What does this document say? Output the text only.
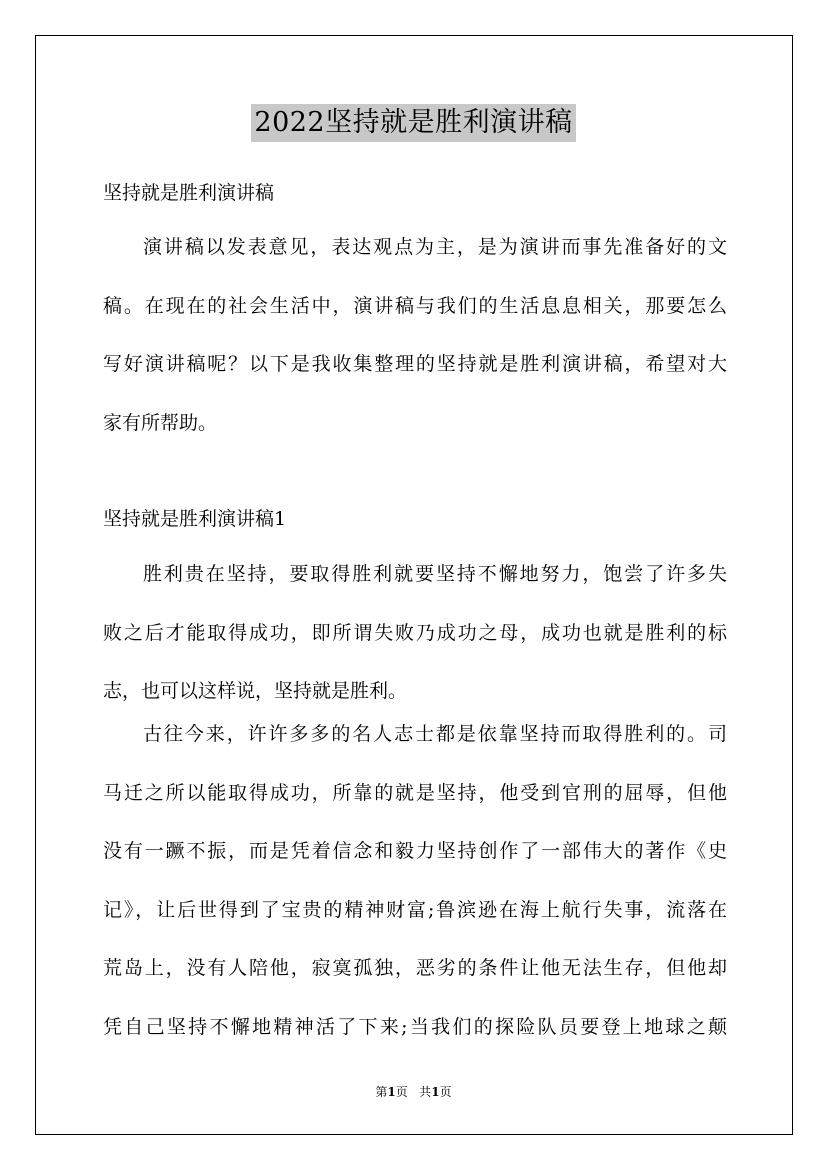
2022坚持就是胜利演讲稿

坚持就是胜利演讲稿

演讲稿以发表意见，表达观点为主，是为演讲而事先准备好的文
稿。在现在的社会生活中，演讲稿与我们的生活息息相关，那要怎么
写好演讲稿呢？以下是我收集整理的坚持就是胜利演讲稿，希望对大
家有所帮助。

坚持就是胜利演讲稿1

胜利贵在坚持，要取得胜利就要坚持不懈地努力，饱尝了许多失
败之后才能取得成功，即所谓失败乃成功之母，成功也就是胜利的标
志，也可以这样说，坚持就是胜利。
古往今来，许许多多的名人志士都是依靠坚持而取得胜利的。司
马迁之所以能取得成功，所靠的就是坚持，他受到官刑的屈辱，但他
没有一蹶不振，而是凭着信念和毅力坚持创作了一部伟大的著作《史
记》，让后世得到了宝贵的精神财富;鲁滨逊在海上航行失事，流落在
荒岛上，没有人陪他，寂寞孤独，恶劣的条件让他无法生存，但他却
凭自己坚持不懈地精神活了下来;当我们的探险队员要登上地球之颠
第1页 共1页
